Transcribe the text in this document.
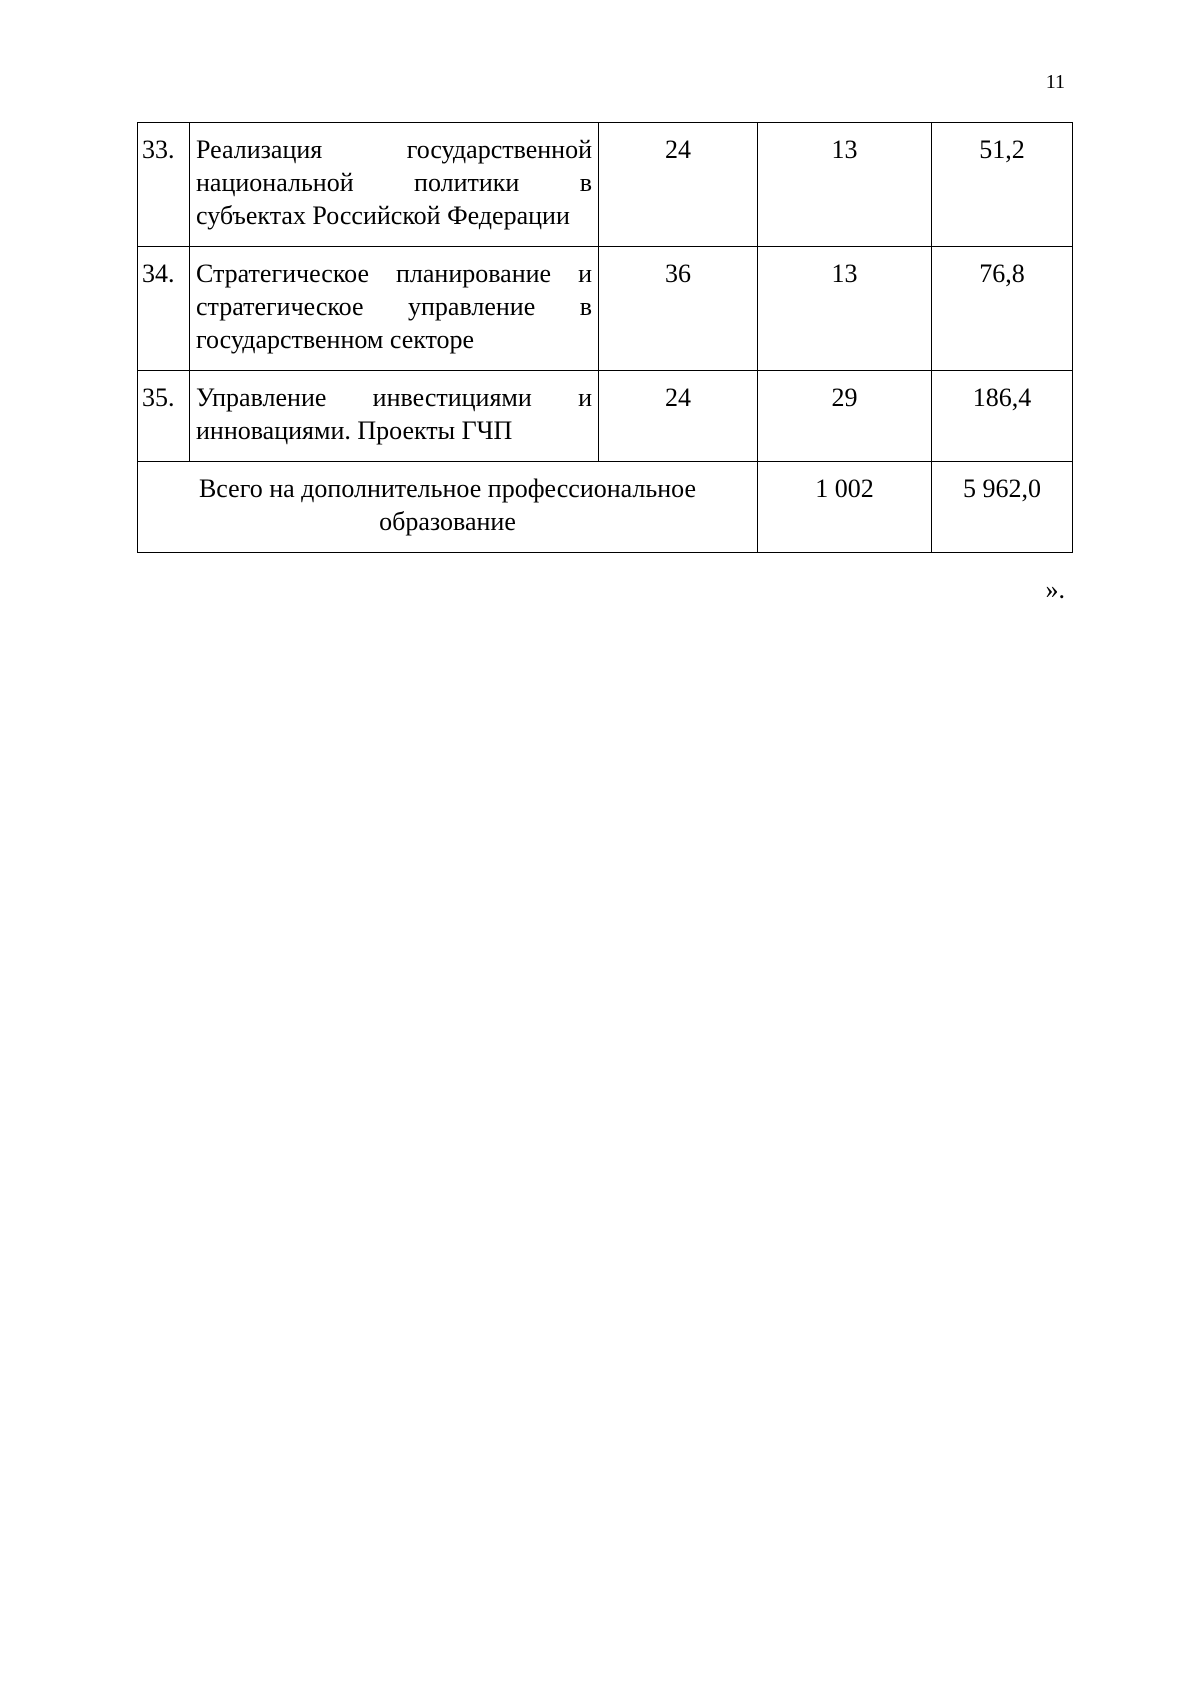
11
33.	Реализация государственной национальной политики в субъектах Российской Федерации	24	13	51,2
34.	Стратегическое планирование и стратегическое управление в государственном секторе	36	13	76,8
35.	Управление инвестициями и инновациями. Проекты ГЧП	24	29	186,4
Всего на дополнительное профессиональное образование			1 002	5 962,0
».
